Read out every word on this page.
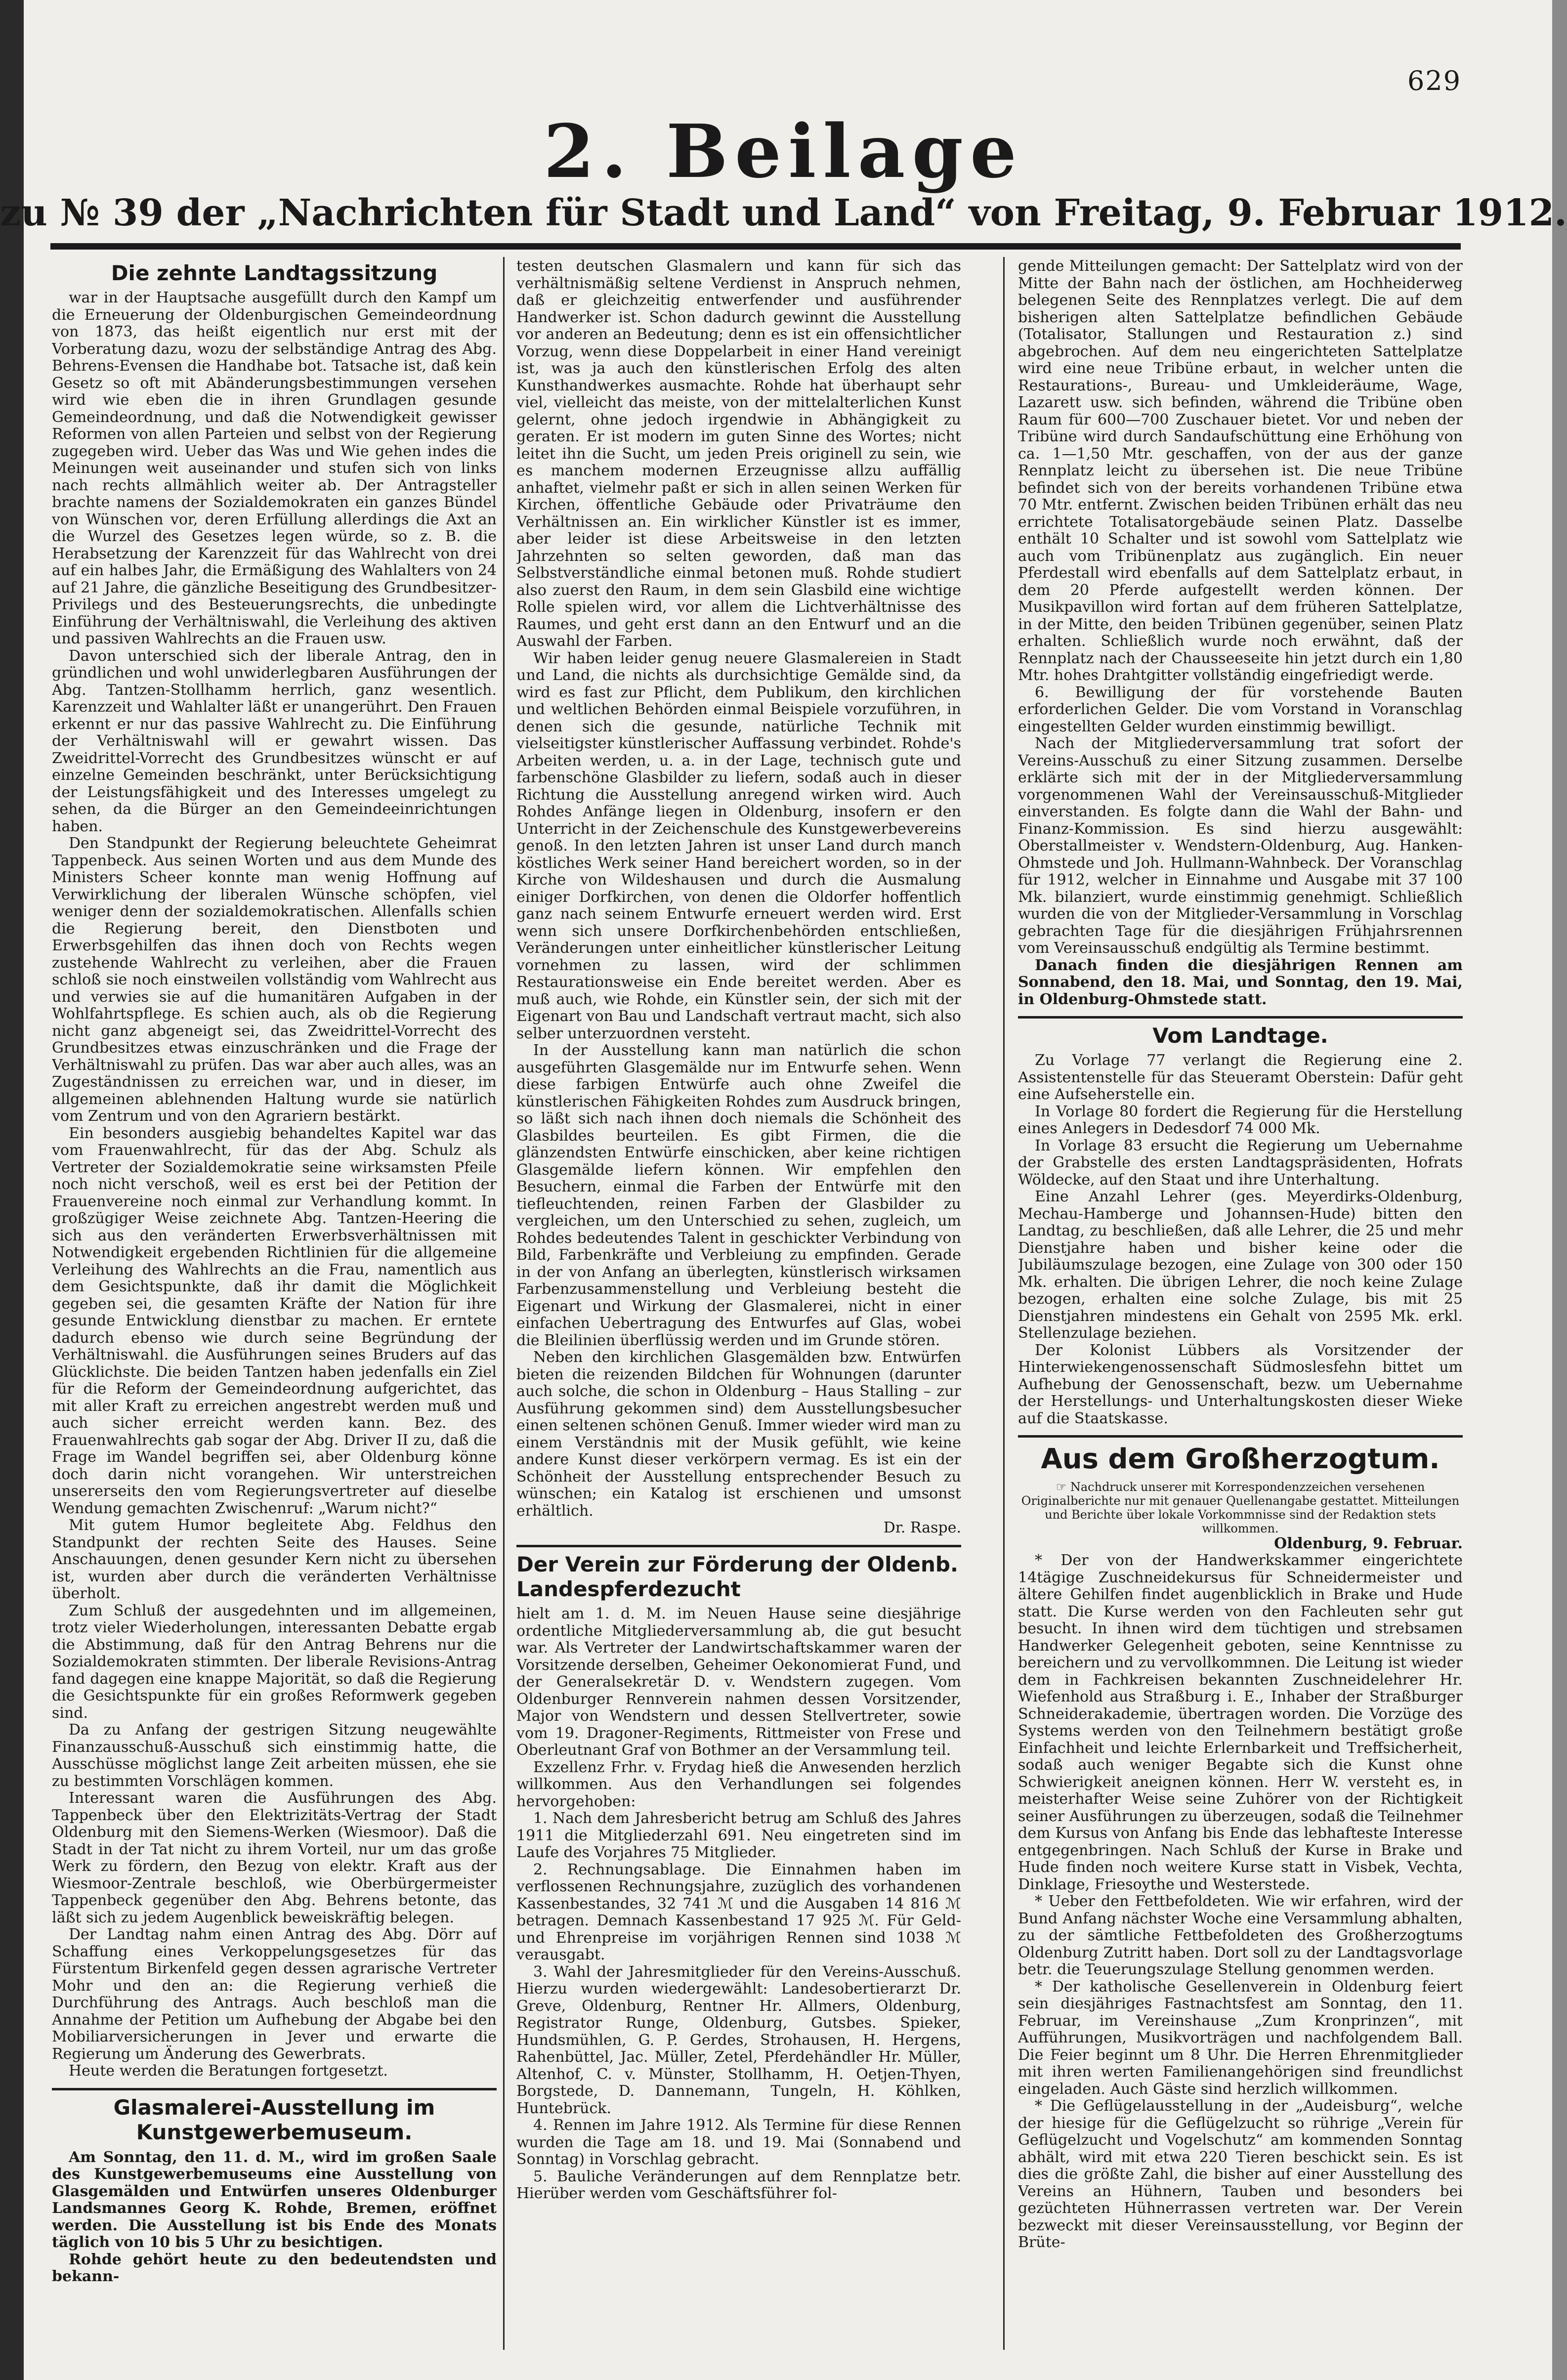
629
2. Beilage
zu № 39 der „Nachrichten für Stadt und Land“ von Freitag, 9. Februar 1912.
Die zehnte Landtagssitzung

war in der Hauptsache ausgefüllt durch den Kampf um die Erneuerung der Oldenburgischen Gemeindeordnung von 1873, das heißt eigentlich nur erst mit der Vorberatung dazu, wozu der selbständige Antrag des Abg. Behrens-Evensen die Handhabe bot. Tatsache ist, daß kein Gesetz so oft mit Abänderungsbestimmungen versehen wird wie eben die in ihren Grundlagen gesunde Gemeindeordnung, und daß die Notwendigkeit gewisser Reformen von allen Parteien und selbst von der Regierung zugegeben wird. Ueber das Was und Wie gehen indes die Meinungen weit auseinander und stufen sich von links nach rechts allmählich weiter ab. Der Antragsteller brachte namens der Sozialdemokraten ein ganzes Bündel von Wünschen vor, deren Erfüllung allerdings die Axt an die Wurzel des Gesetzes legen würde, so z. B. die Herabsetzung der Karenzzeit für das Wahlrecht von drei auf ein halbes Jahr, die Ermäßigung des Wahlalters von 24 auf 21 Jahre, die gänzliche Beseitigung des Grundbesitzer-Privilegs und des Besteuerungsrechts, die unbedingte Einführung der Verhältniswahl, die Verleihung des aktiven und passiven Wahlrechts an die Frauen usw.

Davon unterschied sich der liberale Antrag, den in gründlichen und wohl unwiderlegbaren Ausführungen der Abg. Tantzen-Stollhamm herrlich, ganz wesentlich. Karenzzeit und Wahlalter läßt er unangerührt. Den Frauen erkennt er nur das passive Wahlrecht zu. Die Einführung der Verhältniswahl will er gewahrt wissen. Das Zweidrittel-Vorrecht des Grundbesitzes wünscht er auf einzelne Gemeinden beschränkt, unter Berücksichtigung der Leistungsfähigkeit und des Interesses umgelegt zu sehen, da die Bürger an den Gemeindeeinrichtungen haben.

Den Standpunkt der Regierung beleuchtete Geheimrat Tappenbeck. Aus seinen Worten und aus dem Munde des Ministers Scheer konnte man wenig Hoffnung auf Verwirklichung der liberalen Wünsche schöpfen, viel weniger denn der sozialdemokratischen. Allenfalls schien die Regierung bereit, den Dienstboten und Erwerbsgehilfen das ihnen doch von Rechts wegen zustehende Wahlrecht zu verleihen, aber die Frauen schloß sie noch einstweilen vollständig vom Wahlrecht aus und verwies sie auf die humanitären Aufgaben in der Wohlfahrtspflege. Es schien auch, als ob die Regierung nicht ganz abgeneigt sei, das Zweidrittel-Vorrecht des Grundbesitzes etwas einzuschränken und die Frage der Verhältniswahl zu prüfen. Das war aber auch alles, was an Zugeständnissen zu erreichen war, und in dieser, im allgemeinen ablehnenden Haltung wurde sie natürlich vom Zentrum und von den Agrariern bestärkt.

Ein besonders ausgiebig behandeltes Kapitel war das vom Frauenwahlrecht, für das der Abg. Schulz als Vertreter der Sozialdemokratie seine wirksamsten Pfeile noch nicht verschoß, weil es erst bei der Petition der Frauenvereine noch einmal zur Verhandlung kommt. In großzügiger Weise zeichnete Abg. Tantzen-Heering die sich aus den veränderten Erwerbsverhältnissen mit Notwendigkeit ergebenden Richtlinien für die allgemeine Verleihung des Wahlrechts an die Frau, namentlich aus dem Gesichtspunkte, daß ihr damit die Möglichkeit gegeben sei, die gesamten Kräfte der Nation für ihre gesunde Entwicklung dienstbar zu machen. Er erntete dadurch ebenso wie durch seine Begründung der Verhältniswahl. die Ausführungen seines Bruders auf das Glücklichste. Die beiden Tantzen haben jedenfalls ein Ziel für die Reform der Gemeindeordnung aufgerichtet, das mit aller Kraft zu erreichen angestrebt werden muß und auch sicher erreicht werden kann. Bez. des Frauenwahlrechts gab sogar der Abg. Driver II zu, daß die Frage im Wandel begriffen sei, aber Oldenburg könne doch darin nicht vorangehen. Wir unterstreichen unsererseits den vom Regierungsvertreter auf dieselbe Wendung gemachten Zwischenruf: „Warum nicht?“

Mit gutem Humor begleitete Abg. Feldhus den Standpunkt der rechten Seite des Hauses. Seine Anschauungen, denen gesunder Kern nicht zu übersehen ist, wurden aber durch die veränderten Verhältnisse überholt.

Zum Schluß der ausgedehnten und im allgemeinen, trotz vieler Wiederholungen, interessanten Debatte ergab die Abstimmung, daß für den Antrag Behrens nur die Sozialdemokraten stimmten. Der liberale Revisions-Antrag fand dagegen eine knappe Majorität, so daß die Regierung die Gesichtspunkte für ein großes Reformwerk gegeben sind.

Da zu Anfang der gestrigen Sitzung neugewählte Finanzausschuß-Ausschuß sich einstimmig hatte, die Ausschüsse möglichst lange Zeit arbeiten müssen, ehe sie zu bestimmten Vorschlägen kommen.

Interessant waren die Ausführungen des Abg. Tappenbeck über den Elektrizitäts-Vertrag der Stadt Oldenburg mit den Siemens-Werken (Wiesmoor). Daß die Stadt in der Tat nicht zu ihrem Vorteil, nur um das große Werk zu fördern, den Bezug von elektr. Kraft aus der Wiesmoor-Zentrale beschloß, wie Oberbürgermeister Tappenbeck gegenüber den Abg. Behrens betonte, das läßt sich zu jedem Augenblick beweiskräftig belegen.

Der Landtag nahm einen Antrag des Abg. Dörr auf Schaffung eines Verkoppelungsgesetzes für das Fürstentum Birkenfeld gegen dessen agrarische Vertreter Mohr und den an: die Regierung verhieß die Durchführung des Antrags. Auch beschloß man die Annahme der Petition um Aufhebung der Abgabe bei den Mobiliarversicherungen in Jever und erwarte die Regierung um Änderung des Gewerbrats.

Heute werden die Beratungen fortgesetzt.

Glasmalerei-Ausstellung im Kunstgewerbemuseum.

Am Sonntag, den 11. d. M., wird im großen Saale des Kunstgewerbemuseums eine Ausstellung von Glasgemälden und Entwürfen unseres Oldenburger Landsmannes Georg K. Rohde, Bremen, eröffnet werden. Die Ausstellung ist bis Ende des Monats täglich von 10 bis 5 Uhr zu besichtigen.

Rohde gehört heute zu den bedeutendsten und bekann-

testen deutschen Glasmalern und kann für sich das verhältnismäßig seltene Verdienst in Anspruch nehmen, daß er gleichzeitig entwerfender und ausführender Handwerker ist. Schon dadurch gewinnt die Ausstellung vor anderen an Bedeutung; denn es ist ein offensichtlicher Vorzug, wenn diese Doppelarbeit in einer Hand vereinigt ist, was ja auch den künstlerischen Erfolg des alten Kunsthandwerkes ausmachte. Rohde hat überhaupt sehr viel, vielleicht das meiste, von der mittelalterlichen Kunst gelernt, ohne jedoch irgendwie in Abhängigkeit zu geraten. Er ist modern im guten Sinne des Wortes; nicht leitet ihn die Sucht, um jeden Preis originell zu sein, wie es manchem modernen Erzeugnisse allzu auffällig anhaftet, vielmehr paßt er sich in allen seinen Werken für Kirchen, öffentliche Gebäude oder Privaträume den Verhältnissen an. Ein wirklicher Künstler ist es immer, aber leider ist diese Arbeitsweise in den letzten Jahrzehnten so selten geworden, daß man das Selbstverständliche einmal betonen muß. Rohde studiert also zuerst den Raum, in dem sein Glasbild eine wichtige Rolle spielen wird, vor allem die Lichtverhältnisse des Raumes, und geht erst dann an den Entwurf und an die Auswahl der Farben.

Wir haben leider genug neuere Glasmalereien in Stadt und Land, die nichts als durchsichtige Gemälde sind, da wird es fast zur Pflicht, dem Publikum, den kirchlichen und weltlichen Behörden einmal Beispiele vorzuführen, in denen sich die gesunde, natürliche Technik mit vielseitigster künstlerischer Auffassung verbindet. Rohde's Arbeiten werden, u. a. in der Lage, technisch gute und farbenschöne Glasbilder zu liefern, sodaß auch in dieser Richtung die Ausstellung anregend wirken wird. Auch Rohdes Anfänge liegen in Oldenburg, insofern er den Unterricht in der Zeichenschule des Kunstgewerbevereins genoß. In den letzten Jahren ist unser Land durch manch köstliches Werk seiner Hand bereichert worden, so in der Kirche von Wildeshausen und durch die Ausmalung einiger Dorfkirchen, von denen die Oldorfer hoffentlich ganz nach seinem Entwurfe erneuert werden wird. Erst wenn sich unsere Dorfkirchenbehörden entschließen, Veränderungen unter einheitlicher künstlerischer Leitung vornehmen zu lassen, wird der schlimmen Restaurationsweise ein Ende bereitet werden. Aber es muß auch, wie Rohde, ein Künstler sein, der sich mit der Eigenart von Bau und Landschaft vertraut macht, sich also selber unterzuordnen versteht.

In der Ausstellung kann man natürlich die schon ausgeführten Glasgemälde nur im Entwurfe sehen. Wenn diese farbigen Entwürfe auch ohne Zweifel die künstlerischen Fähigkeiten Rohdes zum Ausdruck bringen, so läßt sich nach ihnen doch niemals die Schönheit des Glasbildes beurteilen. Es gibt Firmen, die die glänzendsten Entwürfe einschicken, aber keine richtigen Glasgemälde liefern können. Wir empfehlen den Besuchern, einmal die Farben der Entwürfe mit den tiefleuchtenden, reinen Farben der Glasbilder zu vergleichen, um den Unterschied zu sehen, zugleich, um Rohdes bedeutendes Talent in geschickter Verbindung von Bild, Farbenkräfte und Verbleiung zu empfinden. Gerade in der von Anfang an überlegten, künstlerisch wirksamen Farbenzusammenstellung und Verbleiung besteht die Eigenart und Wirkung der Glasmalerei, nicht in einer einfachen Uebertragung des Entwurfes auf Glas, wobei die Bleilinien überflüssig werden und im Grunde stören.

Neben den kirchlichen Glasgemälden bzw. Entwürfen bieten die reizenden Bildchen für Wohnungen (darunter auch solche, die schon in Oldenburg – Haus Stalling – zur Ausführung gekommen sind) dem Ausstellungsbesucher einen seltenen schönen Genuß. Immer wieder wird man zu einem Verständnis mit der Musik gefühlt, wie keine andere Kunst dieser verkörpern vermag. Es ist ein der Schönheit der Ausstellung entsprechender Besuch zu wünschen; ein Katalog ist erschienen und umsonst erhältlich.

Dr. Raspe.

Der Verein zur Förderung der Oldenb. Landespferdezucht

hielt am 1. d. M. im Neuen Hause seine diesjährige ordentliche Mitgliederversammlung ab, die gut besucht war. Als Vertreter der Landwirtschaftskammer waren der Vorsitzende derselben, Geheimer Oekonomierat Fund, und der Generalsekretär D. v. Wendstern zugegen. Vom Oldenburger Rennverein nahmen dessen Vorsitzender, Major von Wendstern und dessen Stellvertreter, sowie vom 19. Dragoner-Regiments, Rittmeister von Frese und Oberleutnant Graf von Bothmer an der Versammlung teil.

Exzellenz Frhr. v. Frydag hieß die Anwesenden herzlich willkommen. Aus den Verhandlungen sei folgendes hervorgehoben:

1. Nach dem Jahresbericht betrug am Schluß des Jahres 1911 die Mitgliederzahl 691. Neu eingetreten sind im Laufe des Vorjahres 75 Mitglieder.

2. Rechnungsablage. Die Einnahmen haben im verflossenen Rechnungsjahre, zuzüglich des vorhandenen Kassenbestandes, 32 741 ℳ und die Ausgaben 14 816 ℳ betragen. Demnach Kassenbestand 17 925 ℳ. Für Geld- und Ehrenpreise im vorjährigen Rennen sind 1038 ℳ verausgabt.

3. Wahl der Jahresmitglieder für den Vereins-Ausschuß. Hierzu wurden wiedergewählt: Landesobertierarzt Dr. Greve, Oldenburg, Rentner Hr. Allmers, Oldenburg, Registrator Runge, Oldenburg, Gutsbes. Spieker, Hundsmühlen, G. P. Gerdes, Strohausen, H. Hergens, Rahenbüttel, Jac. Müller, Zetel, Pferdehändler Hr. Müller, Altenhof, C. v. Münster, Stollhamm, H. Oetjen-Thyen, Borgstede, D. Dannemann, Tungeln, H. Köhlken, Huntebrück.

4. Rennen im Jahre 1912. Als Termine für diese Rennen wurden die Tage am 18. und 19. Mai (Sonnabend und Sonntag) in Vorschlag gebracht.

5. Bauliche Veränderungen auf dem Rennplatze betr. Hierüber werden vom Geschäftsführer fol-

gende Mitteilungen gemacht: Der Sattelplatz wird von der Mitte der Bahn nach der östlichen, am Hochheiderweg belegenen Seite des Rennplatzes verlegt. Die auf dem bisherigen alten Sattelplatze befindlichen Gebäude (Totalisator, Stallungen und Restauration z.) sind abgebrochen. Auf dem neu eingerichteten Sattelplatze wird eine neue Tribüne erbaut, in welcher unten die Restaurations-, Bureau- und Umkleideräume, Wage, Lazarett usw. sich befinden, während die Tribüne oben Raum für 600—700 Zuschauer bietet. Vor und neben der Tribüne wird durch Sandaufschüttung eine Erhöhung von ca. 1—1,50 Mtr. geschaffen, von der aus der ganze Rennplatz leicht zu übersehen ist. Die neue Tribüne befindet sich von der bereits vorhandenen Tribüne etwa 70 Mtr. entfernt. Zwischen beiden Tribünen erhält das neu errichtete Totalisatorgebäude seinen Platz. Dasselbe enthält 10 Schalter und ist sowohl vom Sattelplatz wie auch vom Tribünenplatz aus zugänglich. Ein neuer Pferdestall wird ebenfalls auf dem Sattelplatz erbaut, in dem 20 Pferde aufgestellt werden können. Der Musikpavillon wird fortan auf dem früheren Sattelplatze, in der Mitte, den beiden Tribünen gegenüber, seinen Platz erhalten. Schließlich wurde noch erwähnt, daß der Rennplatz nach der Chausseeseite hin jetzt durch ein 1,80 Mtr. hohes Drahtgitter vollständig eingefriedigt werde.

6. Bewilligung der für vorstehende Bauten erforderlichen Gelder. Die vom Vorstand in Voranschlag eingestellten Gelder wurden einstimmig bewilligt.

Nach der Mitgliederversammlung trat sofort der Vereins-Ausschuß zu einer Sitzung zusammen. Derselbe erklärte sich mit der in der Mitgliederversammlung vorgenommenen Wahl der Vereinsausschuß-Mitglieder einverstanden. Es folgte dann die Wahl der Bahn- und Finanz-Kommission. Es sind hierzu ausgewählt: Oberstallmeister v. Wendstern-Oldenburg, Aug. Hanken-Ohmstede und Joh. Hullmann-Wahnbeck. Der Voranschlag für 1912, welcher in Einnahme und Ausgabe mit 37 100 Mk. bilanziert, wurde einstimmig genehmigt. Schließlich wurden die von der Mitglieder-Versammlung in Vorschlag gebrachten Tage für die diesjährigen Frühjahrsrennen vom Vereinsausschuß endgültig als Termine bestimmt.

Danach finden die diesjährigen Rennen am Sonnabend, den 18. Mai, und Sonntag, den 19. Mai, in Oldenburg-Ohmstede statt.

Vom Landtage.

Zu Vorlage 77 verlangt die Regierung eine 2. Assistentenstelle für das Steueramt Oberstein: Dafür geht eine Aufseherstelle ein.

In Vorlage 80 fordert die Regierung für die Herstellung eines Anlegers in Dedesdorf 74 000 Mk.

In Vorlage 83 ersucht die Regierung um Uebernahme der Grabstelle des ersten Landtagspräsidenten, Hofrats Wöldecke, auf den Staat und ihre Unterhaltung.

Eine Anzahl Lehrer (ges. Meyerdirks-Oldenburg, Mechau-Hamberge und Johannsen-Hude) bitten den Landtag, zu beschließen, daß alle Lehrer, die 25 und mehr Dienstjahre haben und bisher keine oder die Jubiläumszulage bezogen, eine Zulage von 300 oder 150 Mk. erhalten. Die übrigen Lehrer, die noch keine Zulage bezogen, erhalten eine solche Zulage, bis mit 25 Dienstjahren mindestens ein Gehalt von 2595 Mk. erkl. Stellenzulage beziehen.

Der Kolonist Lübbers als Vorsitzender der Hinterwiekengenossenschaft Südmoslesfehn bittet um Aufhebung der Genossenschaft, bezw. um Uebernahme der Herstellungs- und Unterhaltungskosten dieser Wieke auf die Staatskasse.

Aus dem Großherzogtum.

☞ Nachdruck unserer mit Korrespondenzzeichen versehenen Originalberichte nur mit genauer Quellenangabe gestattet. Mitteilungen und Berichte über lokale Vorkommnisse sind der Redaktion stets willkommen.

Oldenburg, 9. Februar.

* Der von der Handwerkskammer eingerichtete 14tägige Zuschneidekursus für Schneidermeister und ältere Gehilfen findet augenblicklich in Brake und Hude statt. Die Kurse werden von den Fachleuten sehr gut besucht. In ihnen wird dem tüchtigen und strebsamen Handwerker Gelegenheit geboten, seine Kenntnisse zu bereichern und zu vervollkommnen. Die Leitung ist wieder dem in Fachkreisen bekannten Zuschneidelehrer Hr. Wiefenhold aus Straßburg i. E., Inhaber der Straßburger Schneiderakademie, übertragen worden. Die Vorzüge des Systems werden von den Teilnehmern bestätigt große Einfachheit und leichte Erlernbarkeit und Treffsicherheit, sodaß auch weniger Begabte sich die Kunst ohne Schwierigkeit aneignen können. Herr W. versteht es, in meisterhafter Weise seine Zuhörer von der Richtigkeit seiner Ausführungen zu überzeugen, sodaß die Teilnehmer dem Kursus von Anfang bis Ende das lebhafteste Interesse entgegenbringen. Nach Schluß der Kurse in Brake und Hude finden noch weitere Kurse statt in Visbek, Vechta, Dinklage, Friesoythe und Westerstede.

* Ueber den Fettbefoldeten. Wie wir erfahren, wird der Bund Anfang nächster Woche eine Versammlung abhalten, zu der sämtliche Fettbefoldeten des Großherzogtums Oldenburg Zutritt haben. Dort soll zu der Landtagsvorlage betr. die Teuerungszulage Stellung genommen werden.

* Der katholische Gesellenverein in Oldenburg feiert sein diesjähriges Fastnachtsfest am Sonntag, den 11. Februar, im Vereinshause „Zum Kronprinzen“, mit Aufführungen, Musikvorträgen und nachfolgendem Ball. Die Feier beginnt um 8 Uhr. Die Herren Ehrenmitglieder mit ihren werten Familienangehörigen sind freundlichst eingeladen. Auch Gäste sind herzlich willkommen.

* Die Geflügelausstellung in der „Audeisburg“, welche der hiesige für die Geflügelzucht so rührige „Verein für Geflügelzucht und Vogelschutz“ am kommenden Sonntag abhält, wird mit etwa 220 Tieren beschickt sein. Es ist dies die größte Zahl, die bisher auf einer Ausstellung des Vereins an Hühnern, Tauben und besonders bei gezüchteten Hühnerrassen vertreten war. Der Verein bezweckt mit dieser Vereinsausstellung, vor Beginn der Brüte-
